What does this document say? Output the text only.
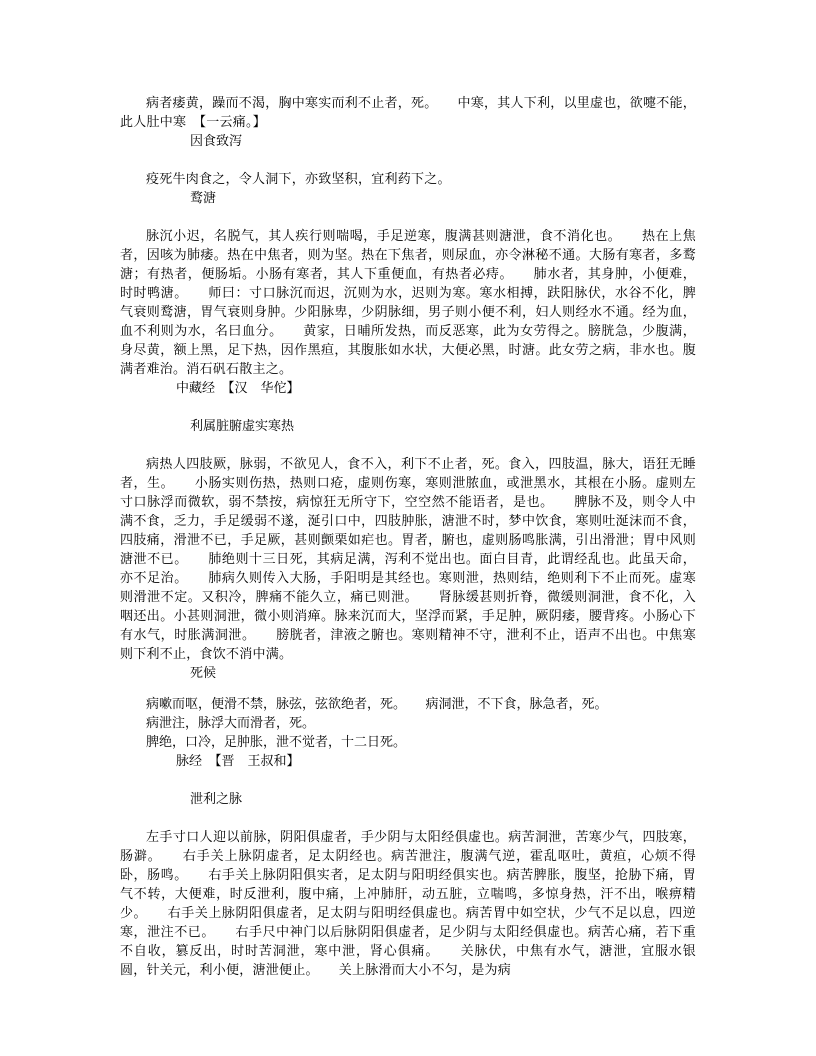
病者痿黄，躁而不渴，胸中寒实而利不止者，死。　　中寒，其人下利，以里虚也，欲嚏不能，此人肚中寒　【一云痛。】

因食致泻

疫死牛肉食之，令人洞下，亦致坚积，宜利药下之。

鹜溏

脉沉小迟，名脱气，其人疾行则喘喝，手足逆寒，腹满甚则溏泄，食不消化也。　　热在上焦者，因咳为肺痿。热在中焦者，则为坚。热在下焦者，则尿血，亦令淋秘不通。大肠有寒者，多鹜溏；有热者，便肠垢。小肠有寒者，其人下重便血，有热者必痔。　　肺水者，其身肿，小便难，时时鸭溏。　　师曰：寸口脉沉而迟，沉则为水，迟则为寒。寒水相搏，趺阳脉伏，水谷不化，脾气衰则鹜溏，胃气衰则身肿。少阳脉卑，少阴脉细，男子则小便不利，妇人则经水不通。经为血，血不利则为水，名曰血分。　　黄家，日晡所发热，而反恶寒，此为女劳得之。膀胱急，少腹满，身尽黄，额上黑，足下热，因作黑疸，其腹胀如水状，大便必黑，时溏。此女劳之病，非水也。腹满者难治。消石矾石散主之。

中藏经　【汉　华佗】
利属脏腑虚实寒热

病热人四肢厥，脉弱，不欲见人，食不入，利下不止者，死。食入，四肢温，脉大，语狂无睡者，生。　　小肠实则伤热，热则口疮，虚则伤寒，寒则泄脓血，或泄黑水，其根在小肠。虚则左寸口脉浮而微软，弱不禁按，病惊狂无所守下，空空然不能语者，是也。　　脾脉不及，则令人中满不食，乏力，手足缓弱不遂，涎引口中，四肢肿胀，溏泄不时，梦中饮食，寒则吐涎沫而不食，四肢痛，滑泄不已，手足厥，甚则颤栗如疟也。胃者，腑也，虚则肠鸣胀满，引出滑泄；胃中风则溏泄不已。　　肺绝则十三日死，其病足满，泻利不觉出也。面白目青，此谓经乱也。此虽天命，亦不足治。　　肺病久则传入大肠，手阳明是其经也。寒则泄，热则结，绝则利下不止而死。虚寒则滑泄不定。又积冷，脾痛不能久立，痛已则泄。　　肾脉缓甚则折脊，微缓则洞泄，食不化，入咽还出。小甚则洞泄，微小则消瘅。脉来沉而大，坚浮而紧，手足肿，厥阴痿，腰背疼。小肠心下有水气，时胀满洞泄。　　膀胱者，津液之腑也。寒则精神不守，泄利不止，语声不出也。中焦寒则下利不止，食饮不消中满。

死候

病嗽而呕，便滑不禁，脉弦，弦欲绝者，死。　　病洞泄，不下食，脉急者，死。

病泄注，脉浮大而滑者，死。

脾绝，口冷，足肿胀，泄不觉者，十二日死。

脉经　【晋　王叔和】
泄利之脉

左手寸口人迎以前脉，阴阳俱虚者，手少阴与太阳经俱虚也。病苦洞泄，苦寒少气，四肢寒，肠澼。　　右手关上脉阴虚者，足太阴经也。病苦泄注，腹满气逆，霍乱呕吐，黄疸，心烦不得卧，肠鸣。　　右手关上脉阴阳俱实者，足太阴与阳明经俱实也。病苦脾胀，腹坚，抢胁下痛，胃气不转，大便难，时反泄利，腹中痛，上冲肺肝，动五脏，立喘鸣，多惊身热，汗不出，喉痹精少。　　右手关上脉阴阳俱虚者，足太阴与阳明经俱虚也。病苦胃中如空状，少气不足以息，四逆寒，泄注不已。　　右手尺中神门以后脉阴阳俱虚者，足少阴与太阳经俱虚也。病苦心痛，若下重不自收，篡反出，时时苦洞泄，寒中泄，肾心俱痛。　　关脉伏，中焦有水气，溏泄，宜服水银圆，针关元，利小便，溏泄便止。　　关上脉滑而大小不匀，是为病
